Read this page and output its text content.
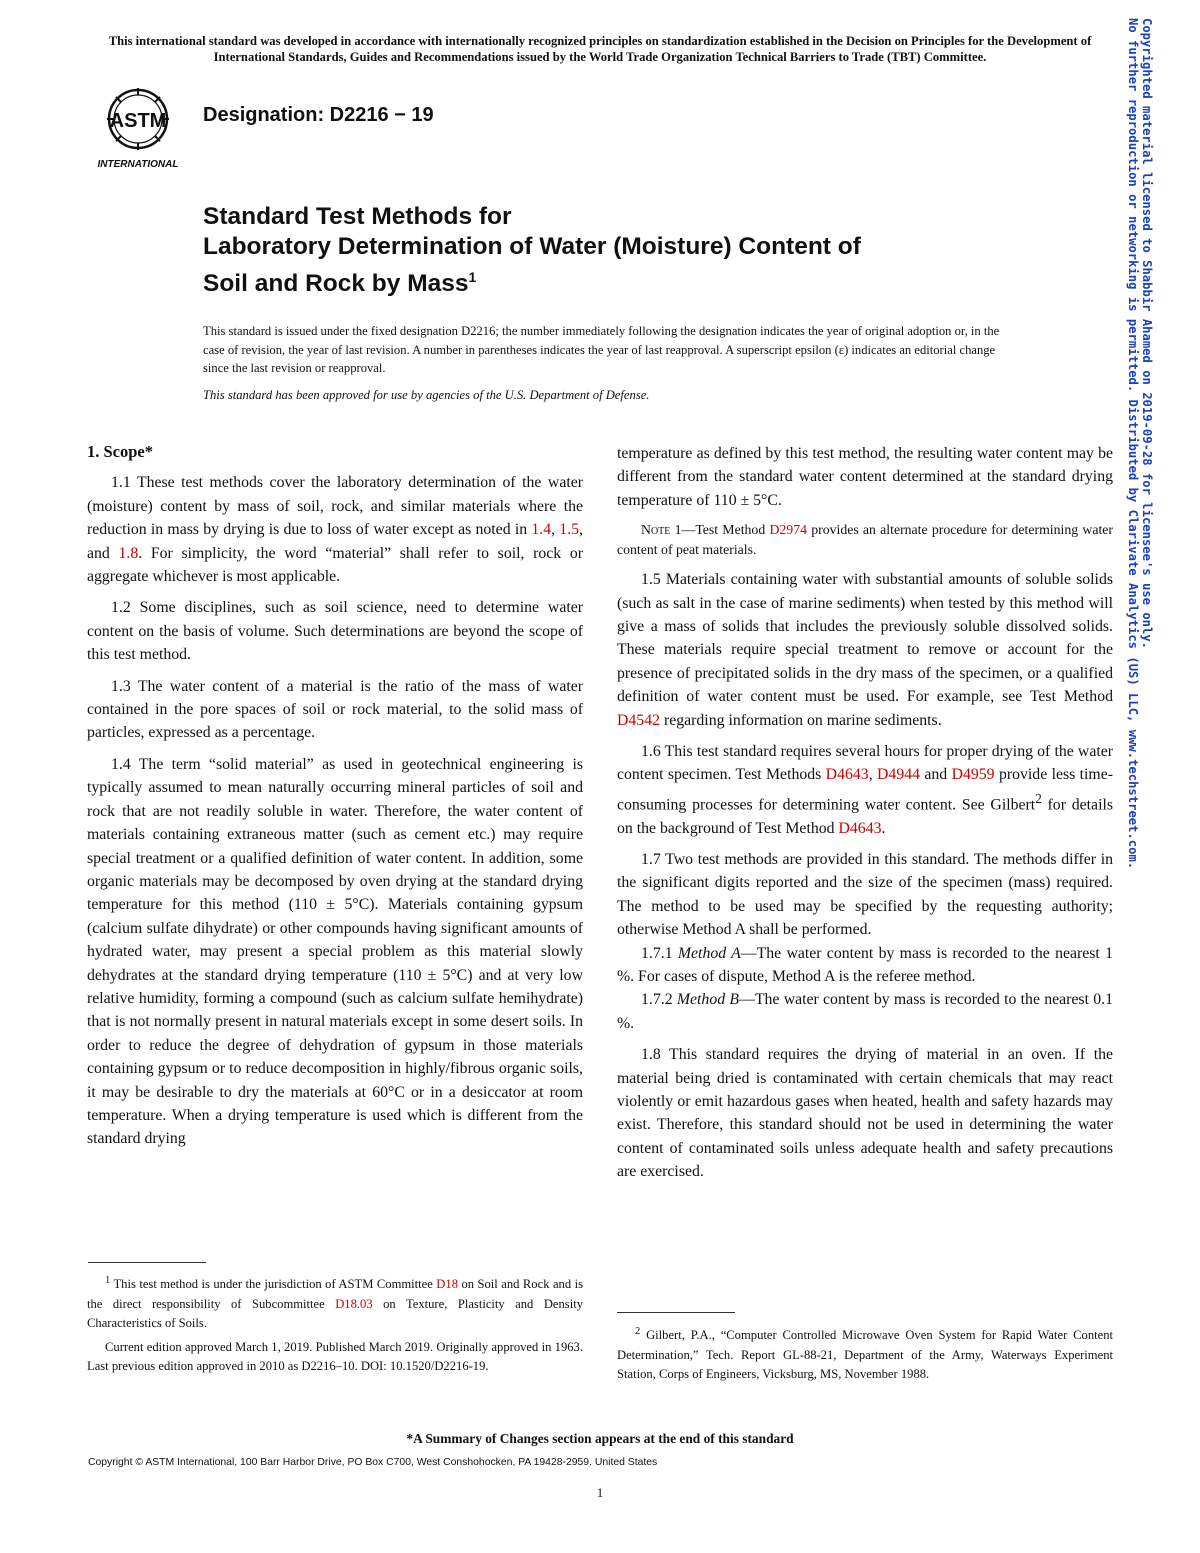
This international standard was developed in accordance with internationally recognized principles on standardization established in the Decision on Principles for the Development of International Standards, Guides and Recommendations issued by the World Trade Organization Technical Barriers to Trade (TBT) Committee.
ASTM
INTERNATIONAL
Designation: D2216 − 19
Standard Test Methods for
Laboratory Determination of Water (Moisture) Content of
Soil and Rock by Mass$^1$
This standard is issued under the fixed designation D2216; the number immediately following the designation indicates the year of original adoption or, in the case of revision, the year of last revision. A number in parentheses indicates the year of last reapproval. A superscript epsilon (ε) indicates an editorial change since the last revision or reapproval.
This standard has been approved for use by agencies of the U.S. Department of Defense.

1. Scope*

1.1 These test methods cover the laboratory determination of the water (moisture) content by mass of soil, rock, and similar materials where the reduction in mass by drying is due to loss of water except as noted in 1.4, 1.5, and 1.8. For simplicity, the word “material” shall refer to soil, rock or aggregate whichever is most applicable.

1.2 Some disciplines, such as soil science, need to determine water content on the basis of volume. Such determinations are beyond the scope of this test method.

1.3 The water content of a material is the ratio of the mass of water contained in the pore spaces of soil or rock material, to the solid mass of particles, expressed as a percentage.

1.4 The term “solid material” as used in geotechnical engineering is typically assumed to mean naturally occurring mineral particles of soil and rock that are not readily soluble in water. Therefore, the water content of materials containing extraneous matter (such as cement etc.) may require special treatment or a qualified definition of water content. In addition, some organic materials may be decomposed by oven drying at the standard drying temperature for this method (110 ± 5°C). Materials containing gypsum (calcium sulfate dihydrate) or other compounds having significant amounts of hydrated water, may present a special problem as this material slowly dehydrates at the standard drying temperature (110 ± 5°C) and at very low relative humidity, forming a compound (such as calcium sulfate hemihydrate) that is not normally present in natural materials except in some desert soils. In order to reduce the degree of dehydration of gypsum in those materials containing gypsum or to reduce decomposition in highly/fibrous organic soils, it may be desirable to dry the materials at 60°C or in a desiccator at room temperature. When a drying temperature is used which is different from the standard drying

$^1$ This test method is under the jurisdiction of ASTM Committee D18 on Soil and Rock and is the direct responsibility of Subcommittee D18.03 on Texture, Plasticity and Density Characteristics of Soils.

Current edition approved March 1, 2019. Published March 2019. Originally approved in 1963. Last previous edition approved in 2010 as D2216–10. DOI: 10.1520/D2216-19.

temperature as defined by this test method, the resulting water content may be different from the standard water content determined at the standard drying temperature of 110 ± 5°C.

Note 1—Test Method D2974 provides an alternate procedure for determining water content of peat materials.

1.5 Materials containing water with substantial amounts of soluble solids (such as salt in the case of marine sediments) when tested by this method will give a mass of solids that includes the previously soluble dissolved solids. These materials require special treatment to remove or account for the presence of precipitated solids in the dry mass of the specimen, or a qualified definition of water content must be used. For example, see Test Method D4542 regarding information on marine sediments.

1.6 This test standard requires several hours for proper drying of the water content specimen. Test Methods D4643, D4944 and D4959 provide less time-consuming processes for determining water content. See Gilbert$^2$ for details on the background of Test Method D4643.

1.7 Two test methods are provided in this standard. The methods differ in the significant digits reported and the size of the specimen (mass) required. The method to be used may be specified by the requesting authority; otherwise Method A shall be performed.

1.7.1 Method A—The water content by mass is recorded to the nearest 1 %. For cases of dispute, Method A is the referee method.

1.7.2 Method B—The water content by mass is recorded to the nearest 0.1 %.

1.8 This standard requires the drying of material in an oven. If the material being dried is contaminated with certain chemicals that may react violently or emit hazardous gases when heated, health and safety hazards may exist. Therefore, this standard should not be used in determining the water content of contaminated soils unless adequate health and safety precautions are exercised.

$^2$ Gilbert, P.A., “Computer Controlled Microwave Oven System for Rapid Water Content Determination,” Tech. Report GL-88-21, Department of the Army, Waterways Experiment Station, Corps of Engineers, Vicksburg, MS, November 1988.

*A Summary of Changes section appears at the end of this standard
Copyright © ASTM International, 100 Barr Harbor Drive, PO Box C700, West Conshohocken, PA 19428-2959. United States
1
Copyrighted material licensed to Shabbir Ahamed on 2019-09-28 for licensee's use only.
No further reproduction or networking is permitted. Distributed by Clarivate Analytics (US) LLC, www.techstreet.com.
